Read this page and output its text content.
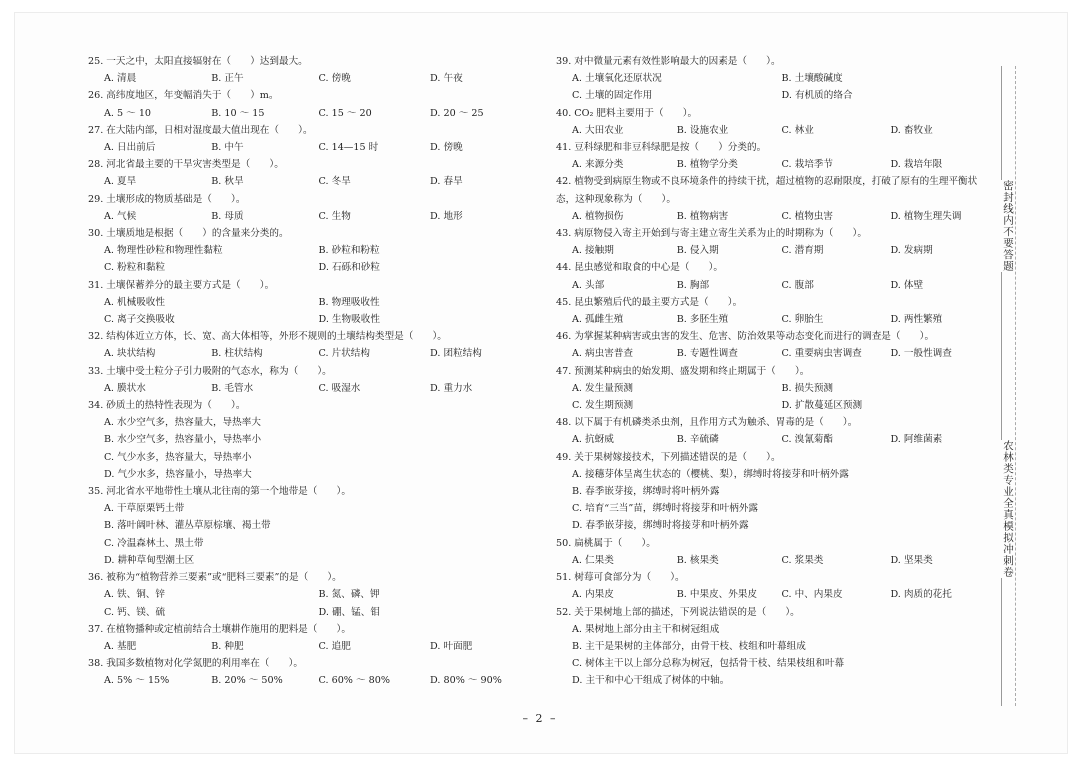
25. 一天之中，太阳直接辐射在（　　）达到最大。
A. 清晨	B. 正午	C. 傍晚	D. 午夜
26. 高纬度地区，年变幅消失于（　　）m。
A. 5 ～ 10	B. 10 ～ 15	C. 15 ～ 20	D. 20 ～ 25
27. 在大陆内部，日相对湿度最大值出现在（　　）。
A. 日出前后	B. 中午	C. 14—15 时	D. 傍晚
28. 河北省最主要的干旱灾害类型是（　　）。
A. 夏旱	B. 秋旱	C. 冬旱	D. 春旱
29. 土壤形成的物质基础是（　　）。
A. 气候	B. 母质	C. 生物	D. 地形
30. 土壤质地是根据（　　）的含量来分类的。
A. 物理性砂粒和物理性黏粒	B. 砂粒和粉粒
C. 粉粒和黏粒	D. 石砾和砂粒
31. 土壤保蓄养分的最主要方式是（　　）。
A. 机械吸收性	B. 物理吸收性
C. 离子交换吸收	D. 生物吸收性
32. 结构体近立方体，长、宽、高大体相等，外形不规则的土壤结构类型是（　　）。
A. 块状结构	B. 柱状结构	C. 片状结构	D. 团粒结构
33. 土壤中受土粒分子引力吸附的气态水，称为（　　）。
A. 膜状水	B. 毛管水	C. 吸湿水	D. 重力水
34. 砂质土的热特性表现为（　　）。
A. 水少空气多，热容量大，导热率大
B. 水少空气多，热容量小，导热率小
C. 气少水多，热容量大，导热率小
D. 气少水多，热容量小，导热率大
35. 河北省水平地带性土壤从北往南的第一个地带是（　　）。
A. 干草原栗钙土带
B. 落叶阔叶林、灌丛草原棕壤、褐土带
C. 冷温森林土、黑土带
D. 耕种草甸型潮土区
36. 被称为“植物营养三要素”或“肥料三要素”的是（　　）。
A. 铁、铜、锌	B. 氮、磷、钾
C. 钙、镁、硫	D. 硼、锰、钼
37. 在植物播种或定植前结合土壤耕作施用的肥料是（　　）。
A. 基肥	B. 种肥	C. 追肥	D. 叶面肥
38. 我国多数植物对化学氮肥的利用率在（　　）。
A. 5% ～ 15%	B. 20% ～ 50%	C. 60% ～ 80%	D. 80% ～ 90%
39. 对中微量元素有效性影响最大的因素是（　　）。
A. 土壤氧化还原状况	B. 土壤酸碱度
C. 土壤的固定作用	D. 有机质的络合
40. CO₂ 肥料主要用于（　　）。
A. 大田农业	B. 设施农业	C. 林业	D. 畜牧业
41. 豆科绿肥和非豆科绿肥是按（　　）分类的。
A. 来源分类	B. 植物学分类	C. 栽培季节	D. 栽培年限
42. 植物受到病原生物或不良环境条件的持续干扰，超过植物的忍耐限度，打破了原有的生理平衡状态，这种现象称为（　　）。
A. 植物损伤	B. 植物病害	C. 植物虫害	D. 植物生理失调
43. 病原物侵入寄主开始到与寄主建立寄生关系为止的时期称为（　　）。
A. 接触期	B. 侵入期	C. 潜育期	D. 发病期
44. 昆虫感觉和取食的中心是（　　）。
A. 头部	B. 胸部	C. 腹部	D. 体壁
45. 昆虫繁殖后代的最主要方式是（　　）。
A. 孤雌生殖	B. 多胚生殖	C. 卵胎生	D. 两性繁殖
46. 为掌握某种病害或虫害的发生、危害、防治效果等动态变化而进行的调查是（　　）。
A. 病虫害普查	B. 专题性调查	C. 重要病虫害调查	D. 一般性调查
47. 预测某种病虫的始发期、盛发期和终止期属于（　　）。
A. 发生量预测	B. 损失预测
C. 发生期预测	D. 扩散蔓延区预测
48. 以下属于有机磷类杀虫剂，且作用方式为触杀、胃毒的是（　　）。
A. 抗蚜威	B. 辛硫磷	C. 溴氰菊酯	D. 阿维菌素
49. 关于果树嫁接技术，下列描述错误的是（　　）。
A. 接穗芽体呈离生状态的（樱桃、梨），绑缚时将接芽和叶柄外露
B. 春季嵌芽接，绑缚时将叶柄外露
C. 培育“三当”苗，绑缚时将接芽和叶柄外露
D. 春季嵌芽接，绑缚时将接芽和叶柄外露
50. 扁桃属于（　　）。
A. 仁果类	B. 核果类	C. 浆果类	D. 坚果类
51. 树莓可食部分为（　　）。
A. 内果皮	B. 中果皮、外果皮	C. 中、内果皮	D. 肉质的花托
52. 关于果树地上部的描述，下列说法错误的是（　　）。
A. 果树地上部分由主干和树冠组成
B. 主干是果树的主体部分，由骨干枝、枝组和叶幕组成
C. 树体主干以上部分总称为树冠，包括骨干枝、结果枝组和叶幕
D. 主干和中心干组成了树体的中轴。
密封线内不要答题
农林类专业全真模拟冲刺卷
– 2 –
